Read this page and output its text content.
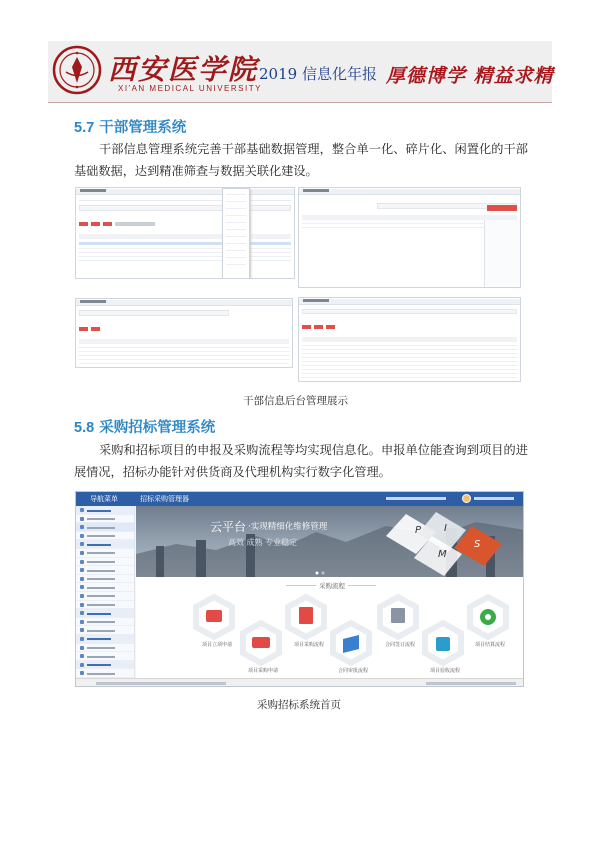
西安医学院
XI'AN MEDICAL UNIVERSITY
2019 信息化年报 厚德博学 精益求精
5.7 干部管理系统
干部信息管理系统完善干部基础数据管理，整合单一化、碎片化、闲置化的干部基础数据，达到精准筛查与数据关联化建设。
干部信息后台管理展示
5.8 采购招标管理系统
采购和招标项目的申报及采购流程等均实现信息化。申报单位能查询到项目的进展情况，招标办能针对供货商及代理机构实行数字化管理。
导航菜单	招标采购管理器
云平台 ·实现精细化维修管理
高效 成熟 专业稳定
P I
M
S
采购流程
项目立项申请
项目采购申请
项目采购流程
合同审批流程
合同签订流程
项目验收流程
项目结算流程
采购招标系统首页
